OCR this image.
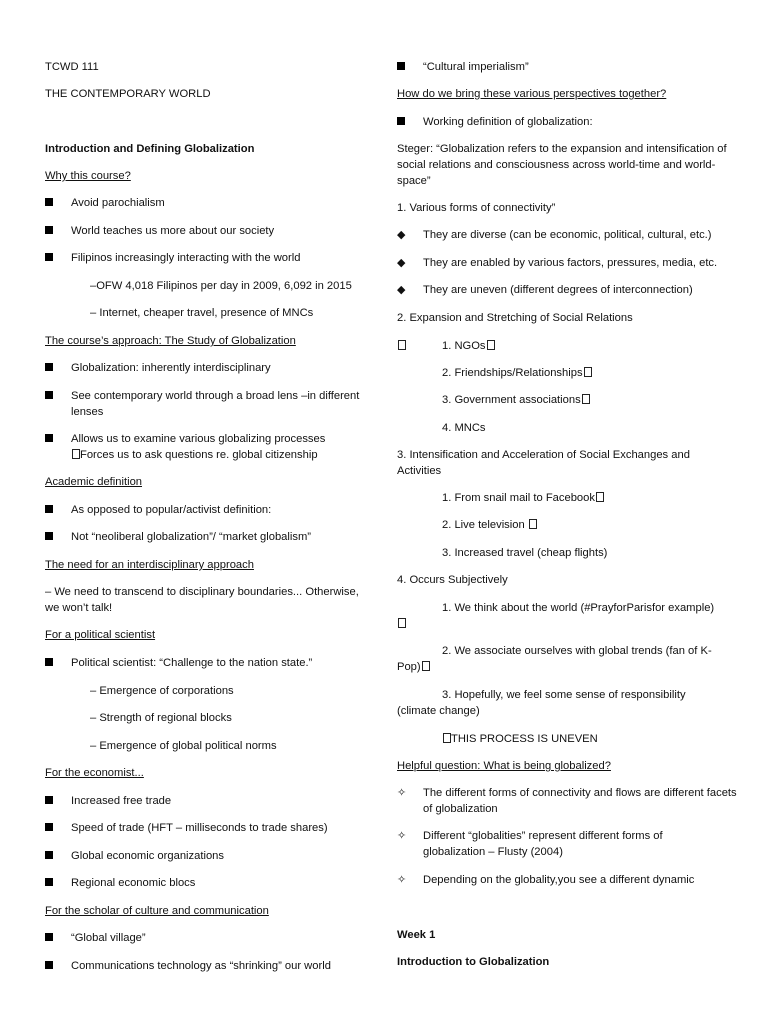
TCWD 111
THE CONTEMPORARY WORLD
Introduction and Defining Globalization
Why this course?
Avoid parochialism
World teaches us more about our society
Filipinos increasingly interacting with the world
–OFW 4,018 Filipinos per day in 2009, 6,092 in 2015
– Internet, cheaper travel, presence of MNCs
The course’s approach: The Study of Globalization
Globalization: inherently interdisciplinary
See contemporary world through a broad lens –in different lenses
Allows us to examine various globalizing processes
Forces us to ask questions re. global citizenship
Academic definition
As opposed to popular/activist definition:
Not “neoliberal globalization”/ “market globalism”
The need for an interdisciplinary approach
– We need to transcend to disciplinary boundaries... Otherwise, we won’t talk!
For a political scientist
Political scientist: “Challenge to the nation state.”
– Emergence of corporations
– Strength of regional blocks
– Emergence of global political norms
For the economist...
Increased free trade
Speed of trade (HFT – milliseconds to trade shares)
Global economic organizations
Regional economic blocs
For the scholar of culture and communication
“Global village”
Communications technology as “shrinking” our world
“Cultural imperialism”
How do we bring these various perspectives together?
Working definition of globalization:
Steger: “Globalization refers to the expansion and intensification of social relations and consciousness across world-time and world-space”
1. Various forms of connectivity”
◆	They are diverse (can be economic, political, cultural, etc.)
◆	They are enabled by various factors, pressures, media, etc.
◆	They are uneven (different degrees of interconnection)
2. Expansion and Stretching of Social Relations
1. NGOs
2. Friendships/Relationships
3. Government associations
4. MNCs
3. Intensification and Acceleration of Social Exchanges and Activities
1. From snail mail to Facebook
2. Live television
3. Increased travel (cheap flights)
4. Occurs Subjectively
1. We think about the world (#PrayforParisfor example)
2. We associate ourselves with global trends (fan of K-Pop)
3. Hopefully, we feel some sense of responsibility (climate change)
THIS PROCESS IS UNEVEN
Helpful question: What is being globalized?
✧	The different forms of connectivity and flows are different facets of globalization
✧	Different “globalities” represent different forms of globalization – Flusty (2004)
✧	Depending on the globality,you see a different dynamic
Week 1
Introduction to Globalization
